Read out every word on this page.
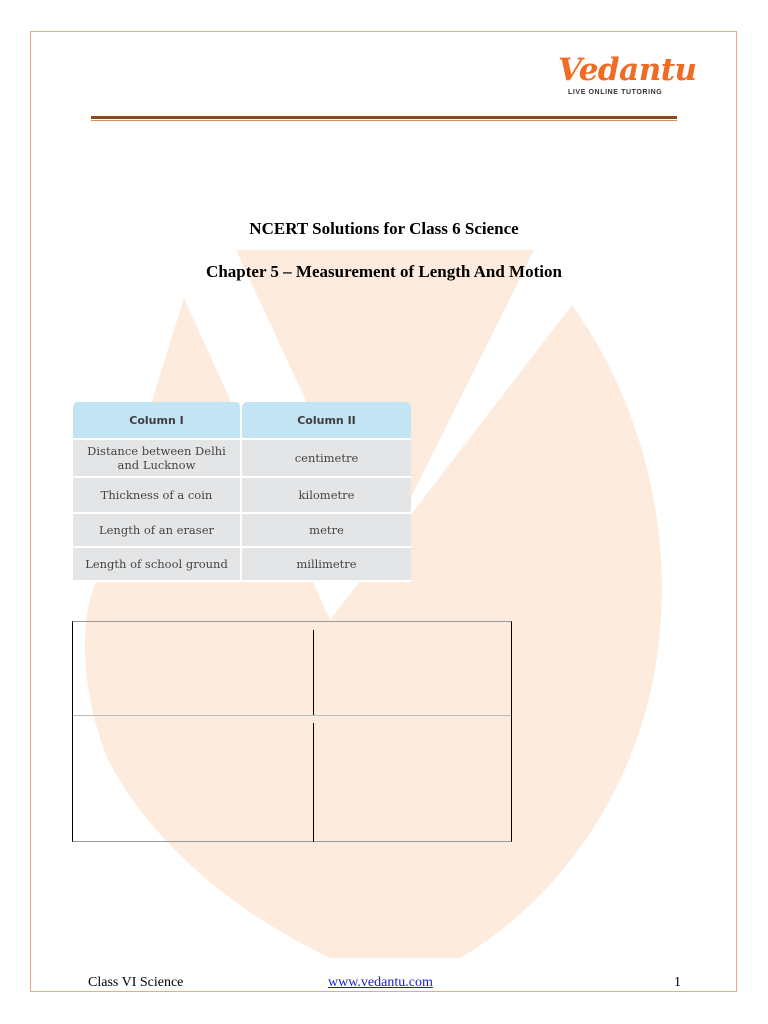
Vedantu
LIVE ONLINE TUTORING
NCERT Solutions for Class 6 Science
Chapter 5 – Measurement of Length And Motion
Column I	Column II
Distance between Delhi and Lucknow	centimetre
Thickness of a coin	kilometre
Length of an eraser	metre
Length of school ground	millimetre
Class VI Science	www.vedantu.com	1
